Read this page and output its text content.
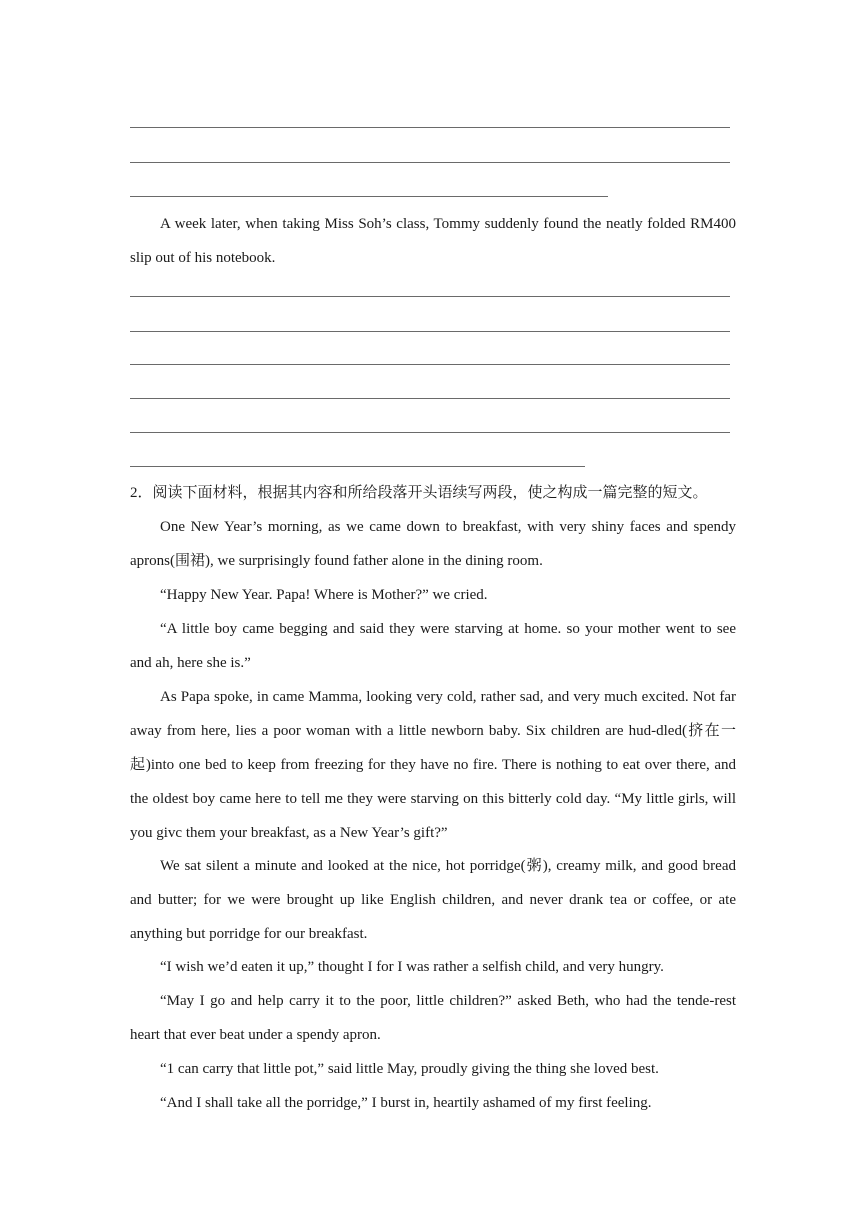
A week later, when taking Miss Soh’s class, Tommy suddenly found the neatly folded RM400 slip out of his notebook.

2．阅读下面材料，根据其内容和所给段落开头语续写两段，使之构成一篇完整的短文。

One New Year’s morning, as we came down to breakfast, with very shiny faces and spendy aprons(围裙), we surprisingly found father alone in the dining room.

“Happy New Year. Papa! Where is Mother?” we cried.

“A little boy came begging and said they were starving at home. so your mother went to see and ah, here she is.”

As Papa spoke, in came Mamma, looking very cold, rather sad, and very much excited. Not far away from here, lies a poor woman with a little newborn baby. Six children are hud-dled(挤在一起)into one bed to keep from freezing for they have no fire. There is nothing to eat over there, and the oldest boy came here to tell me they were starving on this bitterly cold day. “My little girls, will you givc them your breakfast, as a New Year’s gift?”

We sat silent a minute and looked at the nice, hot porridge(粥), creamy milk, and good bread and butter; for we were brought up like English children, and never drank tea or coffee, or ate anything but porridge for our breakfast.

“I wish we’d eaten it up,” thought I for I was rather a selfish child, and very hungry.

“May I go and help carry it to the poor, little children?” asked Beth, who had the tende-rest heart that ever beat under a spendy apron.

“1 can carry that little pot,” said little May, proudly giving the thing she loved best.

“And I shall take all the porridge,” I burst in, heartily ashamed of my first feeling.
